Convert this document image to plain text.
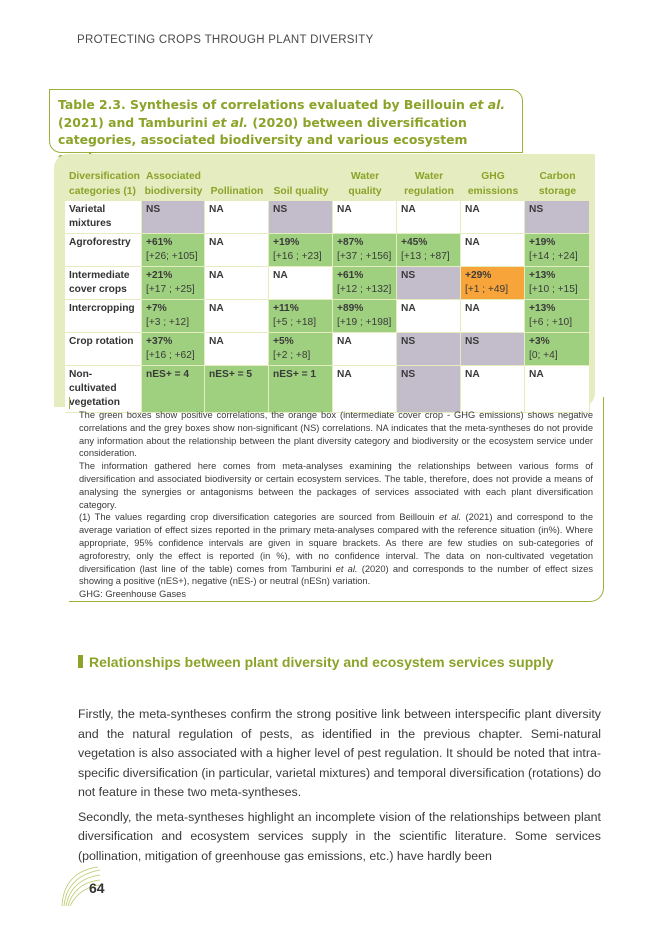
PROTECTING CROPS THROUGH PLANT DIVERSITY
Table 2.3. Synthesis of correlations evaluated by Beillouin et al. (2021) and Tamburini et al. (2020) between diversification categories, associated biodiversity and various ecosystem
Diversification categories (1)	Associated biodiversity	Pollination	Soil quality	Water quality	Water regulation	GHG emissions	Carbon storage
Varietal mixtures	NS	NA	NS	NA	NA	NA	NS

Agroforestry	+61%
[+26; +105]	NA	+19%
[+16 ; +23]	+87%
[+37 ; +156]	+45%
[+13 ; +87]	NA	+19%
[+14 ; +24]

Intermediate cover crops	+21%
[+17 ; +25]	NA	NA	+61%
[+12 ; +132]	NS	+29%
[+1 ; +49]	+13%
[+10 ; +15]

Intercropping	+7%
[+3 ; +12]	NA	+11%
[+5 ; +18]	+89%
[+19 ; +198]	NA	NA	+13%
[+6 ; +10]

Crop rotation	+37%
[+16 ; +62]	NA	+5%
[+2 ; +8]	NA	NS	NS	+3%
[0; +4]

Non-cultivated vegetation	nES+ = 4	nES+ = 5	nES+ = 1	NA	NS	NA	NA

The green boxes show positive correlations, the orange box (intermediate cover crop - GHG emissions) shows negative correlations and the grey boxes show non-significant (NS) correlations. NA indicates that the meta-syntheses do not provide any information about the relationship between the plant diversity category and biodiversity or the ecosystem service under consideration.

The information gathered here comes from meta-analyses examining the relationships between various forms of diversification and associated biodiversity or certain ecosystem services. The table, therefore, does not provide a means of analysing the synergies or antagonisms between the packages of services associated with each plant diversification category.

(1) The values regarding crop diversification categories are sourced from Beillouin et al. (2021) and correspond to the average variation of effect sizes reported in the primary meta-analyses compared with the reference situation (in%). Where appropriate, 95% confidence intervals are given in square brackets. As there are few studies on sub-categories of agroforestry, only the effect is reported (in %), with no confidence interval. The data on non-cultivated vegetation diversification (last line of the table) comes from Tamburini et al. (2020) and corresponds to the number of effect sizes showing a positive (nES+), negative (nES-) or neutral (nESn) variation.

GHG: Greenhouse Gases

Relationships between plant diversity and ecosystem services supply

Firstly, the meta-syntheses confirm the strong positive link between interspecific plant diversity and the natural regulation of pests, as identified in the previous chapter. Semi-natural vegetation is also associated with a higher level of pest regulation. It should be noted that intra-specific diversification (in particular, varietal mixtures) and temporal diversification (rotations) do not feature in these two meta-syntheses.

Secondly, the meta-syntheses highlight an incomplete vision of the relationships between plant diversification and ecosystem services supply in the scientific literature. Some services (pollination, mitigation of greenhouse gas emissions, etc.) have hardly been

64
